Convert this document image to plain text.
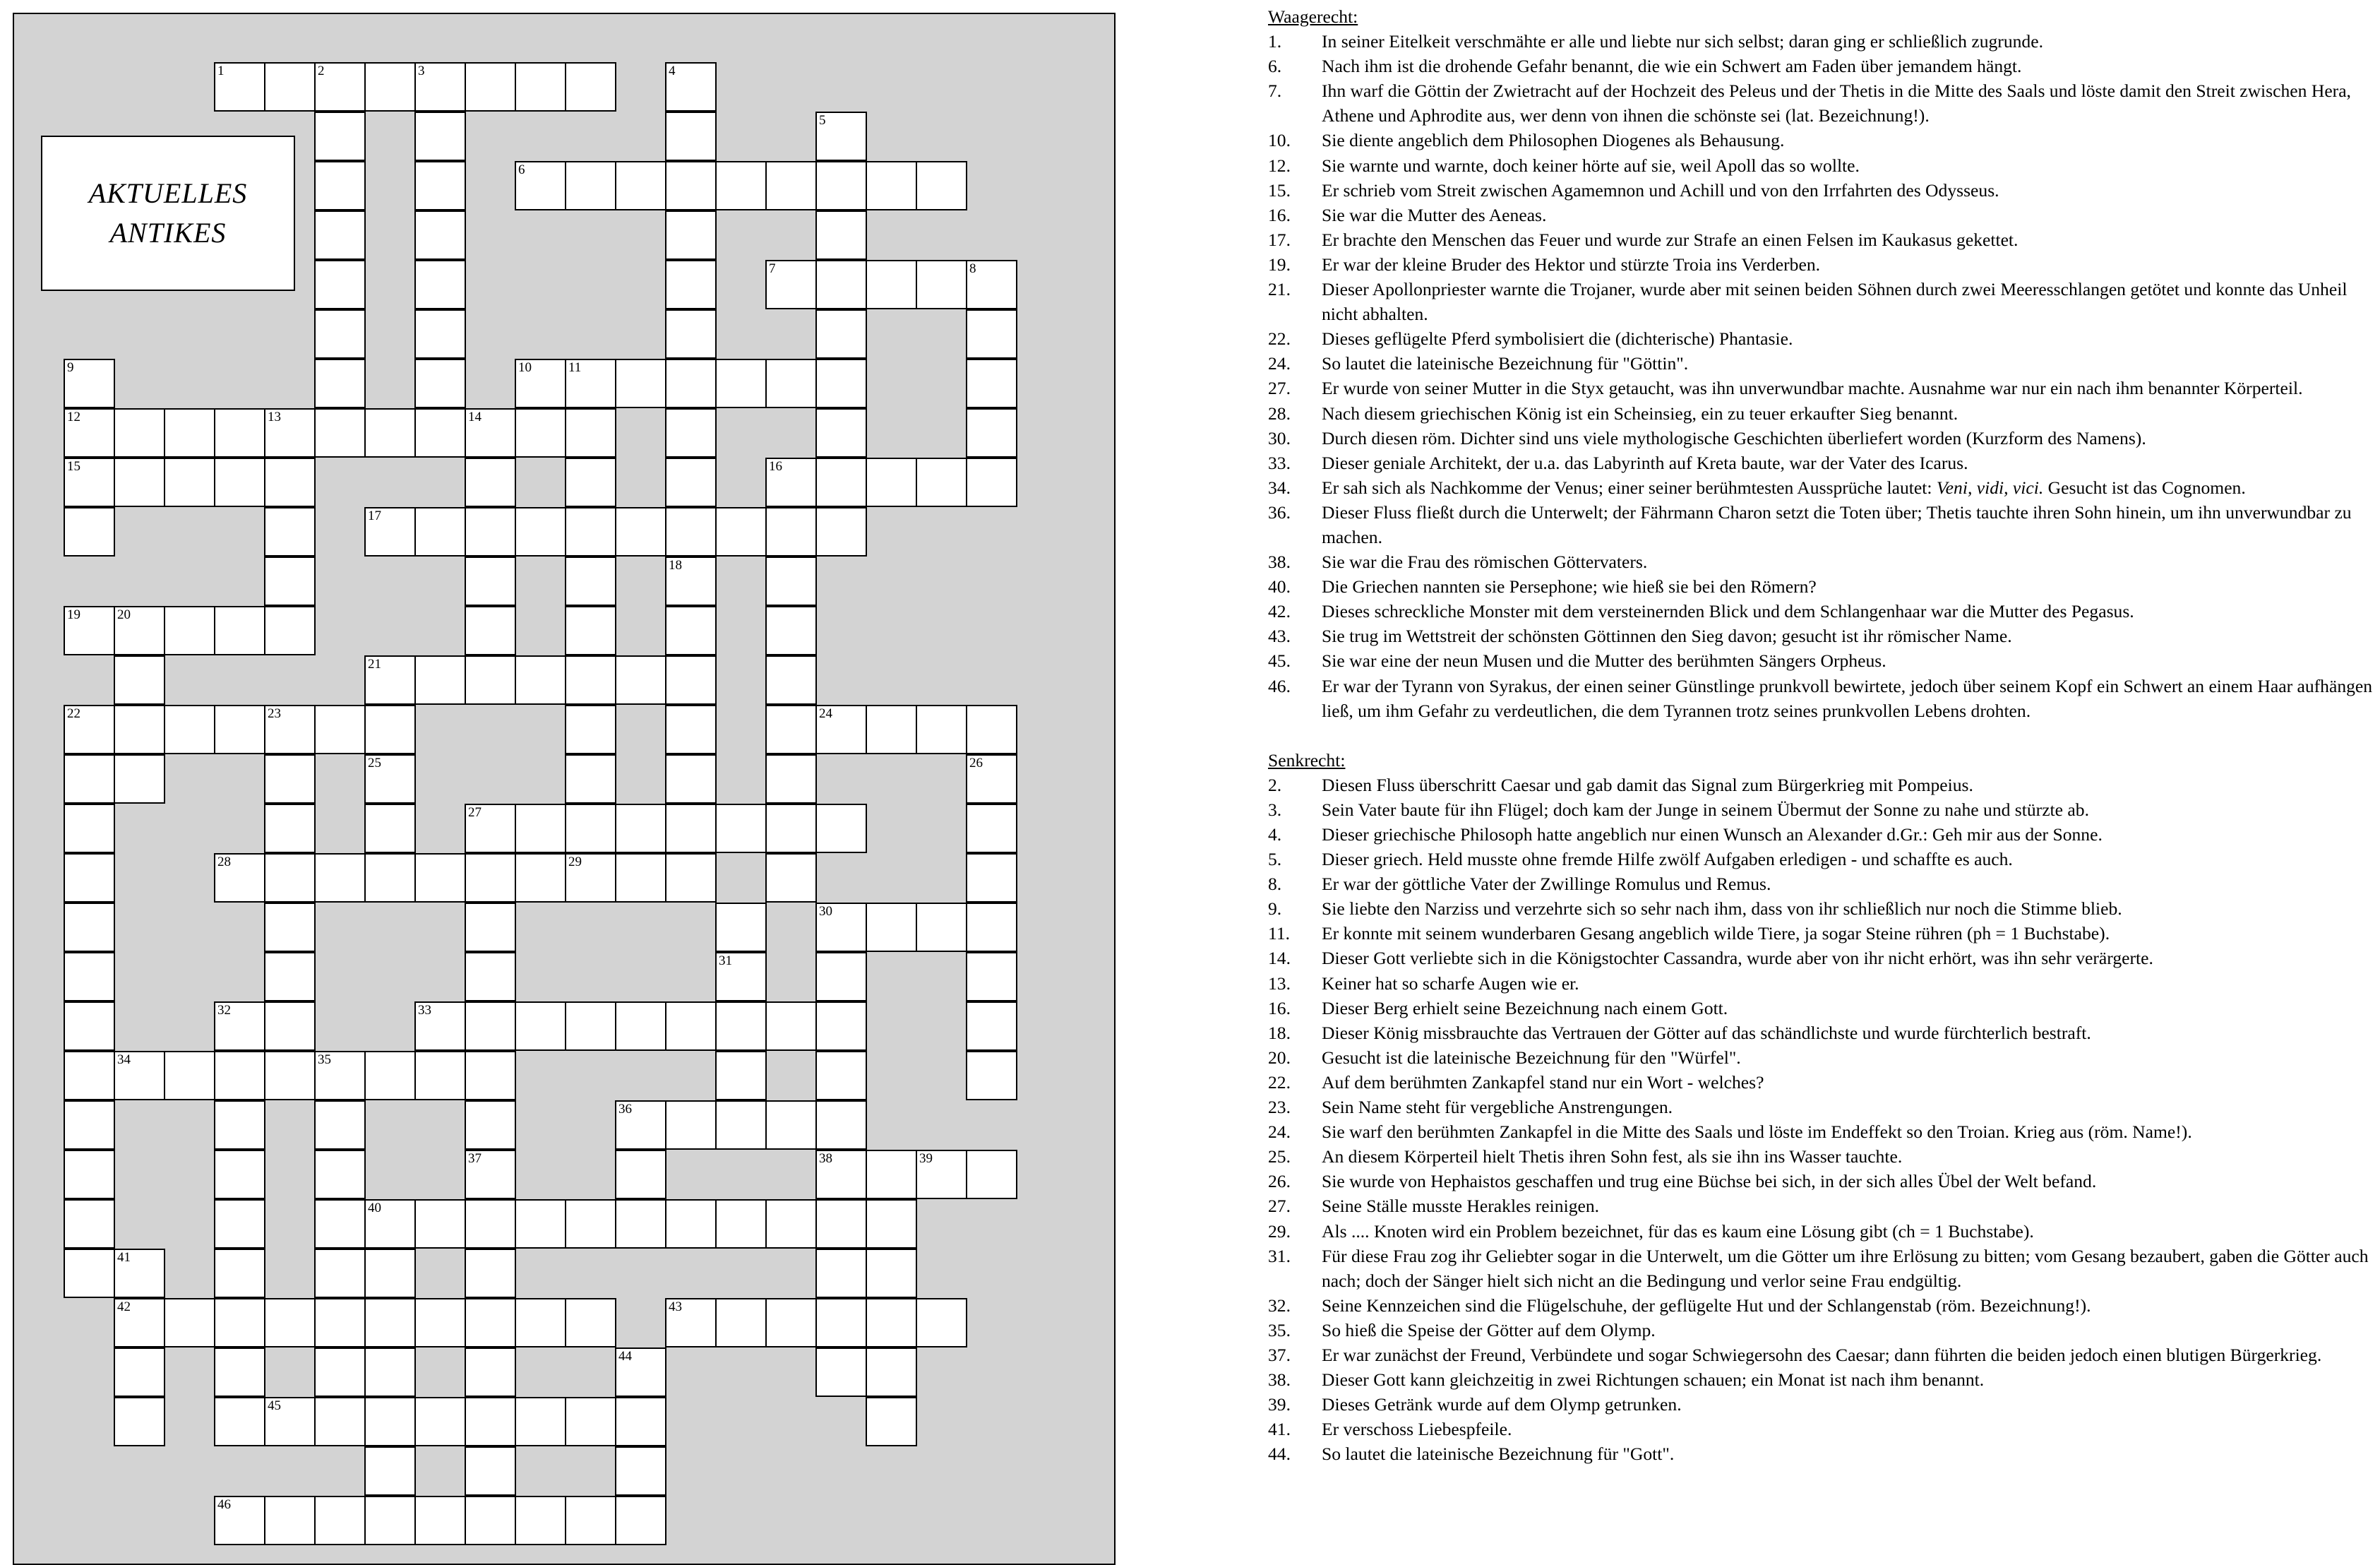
AKTUELLES
ANTIKES
1	2	3
6
7	8
10	11
12	13	14
15	16
17
19	20
21
22	23	24
27
28	29
30
33
34	35
36
38	39
40
42	43
45
46
4
18
5
9
25	26
37
31
32
41
44
Waagerecht:
1.	In seiner Eitelkeit verschmähte er alle und liebte nur sich selbst; daran ging er schließlich zugrunde.
6.	Nach ihm ist die drohende Gefahr benannt, die wie ein Schwert am Faden über jemandem hängt.
7.	Ihn warf die Göttin der Zwietracht auf der Hochzeit des Peleus und der Thetis in die Mitte des Saals und löste damit den Streit zwischen Hera, Athene und Aphrodite aus, wer denn von ihnen die schönste sei (lat. Bezeichnung!).
10.	Sie diente angeblich dem Philosophen Diogenes als Behausung.
12.	Sie warnte und warnte, doch keiner hörte auf sie, weil Apoll das so wollte.
15.	Er schrieb vom Streit zwischen Agamemnon und Achill und von den Irrfahrten des Odysseus.
16.	Sie war die Mutter des Aeneas.
17.	Er brachte den Menschen das Feuer und wurde zur Strafe an einen Felsen im Kaukasus gekettet.
19.	Er war der kleine Bruder des Hektor und stürzte Troia ins Verderben.
21.	Dieser Apollonpriester warnte die Trojaner, wurde aber mit seinen beiden Söhnen durch zwei Meeresschlangen getötet und konnte das Unheil nicht abhalten.
22.	Dieses geflügelte Pferd symbolisiert die (dichterische) Phantasie.
24.	So lautet die lateinische Bezeichnung für "Göttin".
27.	Er wurde von seiner Mutter in die Styx getaucht, was ihn unverwundbar machte. Ausnahme war nur ein nach ihm benannter Körperteil.
28.	Nach diesem griechischen König ist ein Scheinsieg, ein zu teuer erkaufter Sieg benannt.
30.	Durch diesen röm. Dichter sind uns viele mythologische Geschichten überliefert worden (Kurzform des Namens).
33.	Dieser geniale Architekt, der u.a. das Labyrinth auf Kreta baute, war der Vater des Icarus.
34.	Er sah sich als Nachkomme der Venus; einer seiner berühmtesten Aussprüche lautet: Veni, vidi, vici. Gesucht ist das Cognomen.
36.	Dieser Fluss fließt durch die Unterwelt; der Fährmann Charon setzt die Toten über; Thetis tauchte ihren Sohn hinein, um ihn unverwundbar zu machen.
38.	Sie war die Frau des römischen Göttervaters.
40.	Die Griechen nannten sie Persephone; wie hieß sie bei den Römern?
42.	Dieses schreckliche Monster mit dem versteinernden Blick und dem Schlangenhaar war die Mutter des Pegasus.
43.	Sie trug im Wettstreit der schönsten Göttinnen den Sieg davon; gesucht ist ihr römischer Name.
45.	Sie war eine der neun Musen und die Mutter des berühmten Sängers Orpheus.
46.	Er war der Tyrann von Syrakus, der einen seiner Günstlinge prunkvoll bewirtete, jedoch über seinem Kopf ein Schwert an einem Haar aufhängen ließ, um ihm Gefahr zu verdeutlichen, die dem Tyrannen trotz seines prunkvollen Lebens drohten.
Senkrecht:
2.	Diesen Fluss überschritt Caesar und gab damit das Signal zum Bürgerkrieg mit Pompeius.
3.	Sein Vater baute für ihn Flügel; doch kam der Junge in seinem Übermut der Sonne zu nahe und stürzte ab.
4.	Dieser griechische Philosoph hatte angeblich nur einen Wunsch an Alexander d.Gr.: Geh mir aus der Sonne.
5.	Dieser griech. Held musste ohne fremde Hilfe zwölf Aufgaben erledigen - und schaffte es auch.
8.	Er war der göttliche Vater der Zwillinge Romulus und Remus.
9.	Sie liebte den Narziss und verzehrte sich so sehr nach ihm, dass von ihr schließlich nur noch die Stimme blieb.
11.	Er konnte mit seinem wunderbaren Gesang angeblich wilde Tiere, ja sogar Steine rühren (ph = 1 Buchstabe).
14.	Dieser Gott verliebte sich in die Königstochter Cassandra, wurde aber von ihr nicht erhört, was ihn sehr verärgerte.
13.	Keiner hat so scharfe Augen wie er.
16.	Dieser Berg erhielt seine Bezeichnung nach einem Gott.
18.	Dieser König missbrauchte das Vertrauen der Götter auf das schändlichste und wurde fürchterlich bestraft.
20.	Gesucht ist die lateinische Bezeichnung für den "Würfel".
22.	Auf dem berühmten Zankapfel stand nur ein Wort - welches?
23.	Sein Name steht für vergebliche Anstrengungen.
24.	Sie warf den berühmten Zankapfel in die Mitte des Saals und löste im Endeffekt so den Troian. Krieg aus (röm. Name!).
25.	An diesem Körperteil hielt Thetis ihren Sohn fest, als sie ihn ins Wasser tauchte.
26.	Sie wurde von Hephaistos geschaffen und trug eine Büchse bei sich, in der sich alles Übel der Welt befand.
27.	Seine Ställe musste Herakles reinigen.
29.	Als .... Knoten wird ein Problem bezeichnet, für das es kaum eine Lösung gibt (ch = 1 Buchstabe).
31.	Für diese Frau zog ihr Geliebter sogar in die Unterwelt, um die Götter um ihre Erlösung zu bitten; vom Gesang bezaubert, gaben die Götter auch nach; doch der Sänger hielt sich nicht an die Bedingung und verlor seine Frau endgültig.
32.	Seine Kennzeichen sind die Flügelschuhe, der geflügelte Hut und der Schlangenstab (röm. Bezeichnung!).
35.	So hieß die Speise der Götter auf dem Olymp.
37.	Er war zunächst der Freund, Verbündete und sogar Schwiegersohn des Caesar; dann führten die beiden jedoch einen blutigen Bürgerkrieg.
38.	Dieser Gott kann gleichzeitig in zwei Richtungen schauen; ein Monat ist nach ihm benannt.
39.	Dieses Getränk wurde auf dem Olymp getrunken.
41.	Er verschoss Liebespfeile.
44.	So lautet die lateinische Bezeichnung für "Gott".
